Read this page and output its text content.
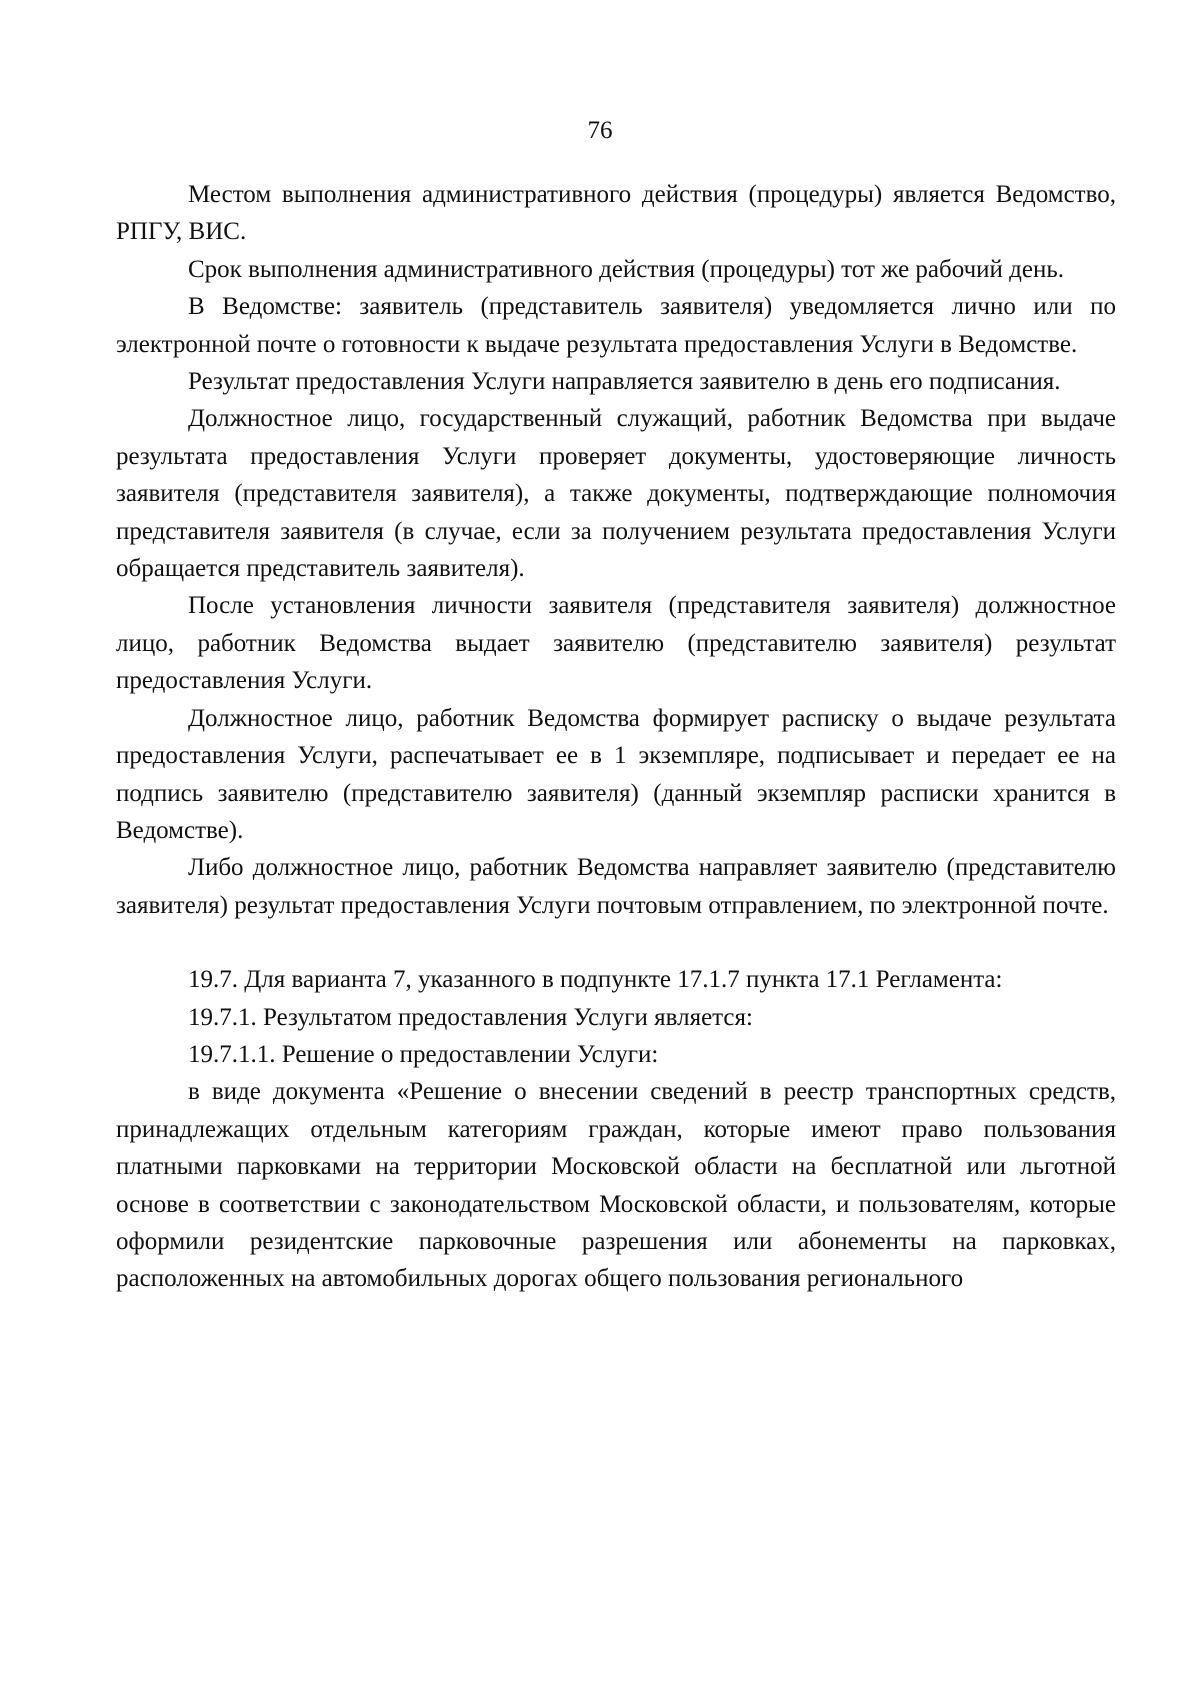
76

Местом выполнения административного действия (процедуры) является Ведомство, РПГУ, ВИС.

Срок выполнения административного действия (процедуры) тот же рабочий день.

В Ведомстве: заявитель (представитель заявителя) уведомляется лично или по электронной почте о готовности к выдаче результата предоставления Услуги в Ведомстве.

Результат предоставления Услуги направляется заявителю в день его подписания.

Должностное лицо, государственный служащий, работник Ведомства при выдаче результата предоставления Услуги проверяет документы, удостоверяющие личность заявителя (представителя заявителя), а также документы, подтверждающие полномочия представителя заявителя (в случае, если за получением результата предоставления Услуги обращается представитель заявителя).

После установления личности заявителя (представителя заявителя) должностное лицо, работник Ведомства выдает заявителю (представителю заявителя) результат предоставления Услуги.

Должностное лицо, работник Ведомства формирует расписку о выдаче результата предоставления Услуги, распечатывает ее в 1 экземпляре, подписывает и передает ее на подпись заявителю (представителю заявителя) (данный экземпляр расписки хранится в Ведомстве).

Либо должностное лицо, работник Ведомства направляет заявителю (представителю заявителя) результат предоставления Услуги почтовым отправлением, по электронной почте.

19.7. Для варианта 7, указанного в подпункте 17.1.7 пункта 17.1 Регламента:

19.7.1. Результатом предоставления Услуги является:

19.7.1.1. Решение о предоставлении Услуги:

в виде документа «Решение о внесении сведений в реестр транспортных средств, принадлежащих отдельным категориям граждан, которые имеют право пользования платными парковками на территории Московской области на бесплатной или льготной основе в соответствии с законодательством Московской области, и пользователям, которые оформили резидентские парковочные разрешения или абонементы на парковках, расположенных на автомобильных дорогах общего пользования регионального
